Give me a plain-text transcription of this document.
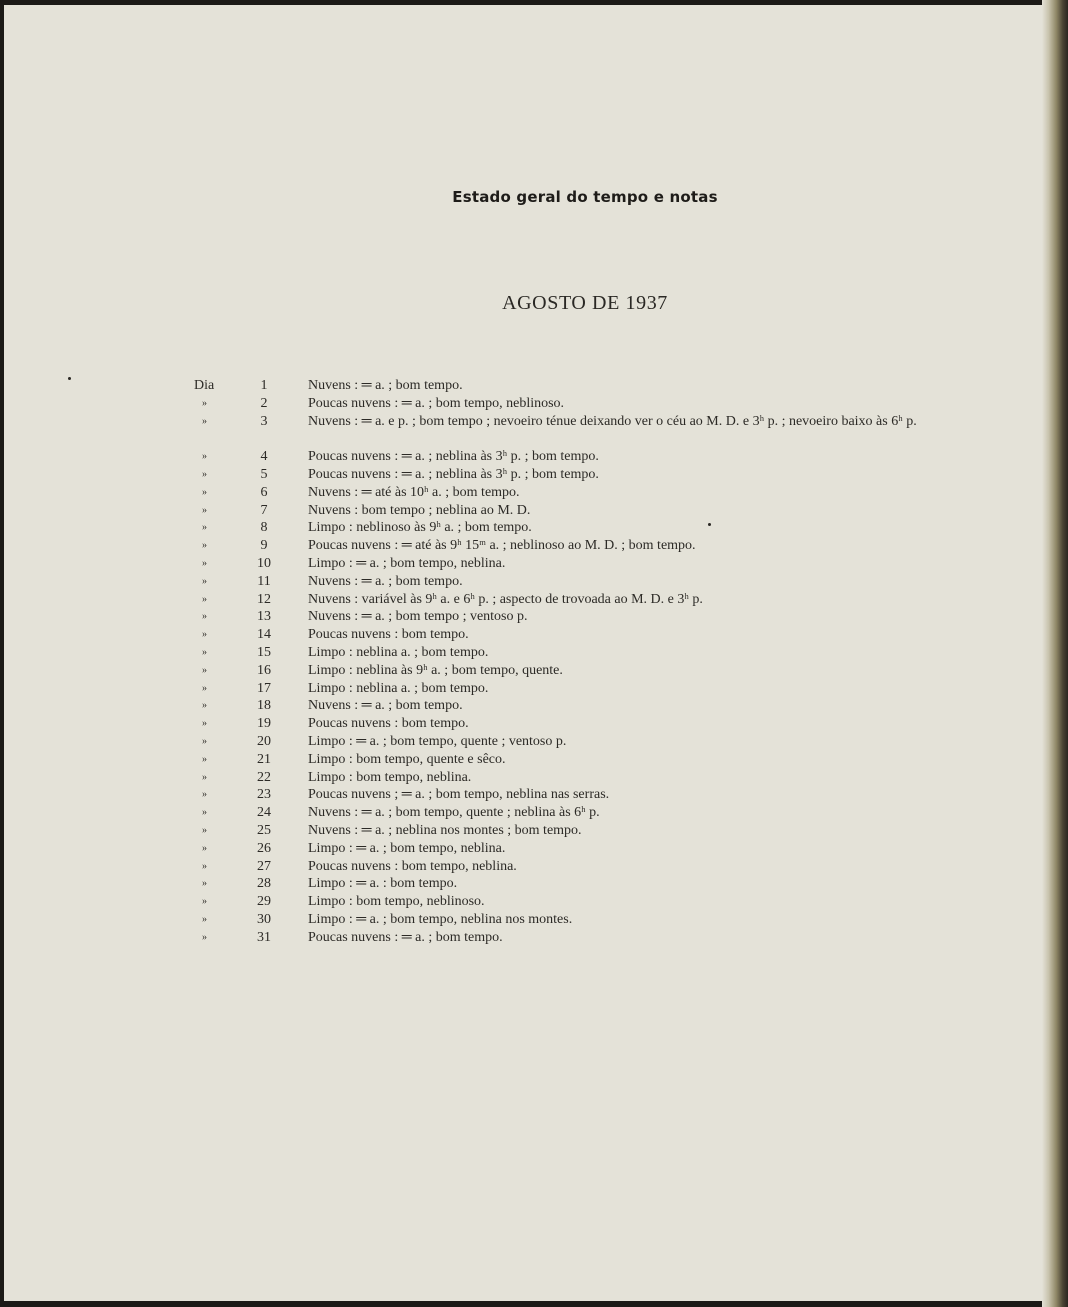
Estado geral do tempo e notas
AGOSTO DE 1937
Dia	1	Nuvens : ═ a. ; bom tempo.
»	2	Poucas nuvens : ═ a. ; bom tempo, neblinoso.
»	3	Nuvens : ═ a. e p. ; bom tempo ; nevoeiro ténue deixando ver o céu ao M. D. e 3ʰ p. ; nevoeiro baixo às 6ʰ p.
»	4	Poucas nuvens : ═ a. ; neblina às 3ʰ p. ; bom tempo.
»	5	Poucas nuvens : ═ a. ; neblina às 3ʰ p. ; bom tempo.
»	6	Nuvens : ═ até às 10ʰ a. ; bom tempo.
»	7	Nuvens : bom tempo ; neblina ao M. D.
»	8	Limpo : neblinoso às 9ʰ a. ; bom tempo.
»	9	Poucas nuvens : ═ até às 9ʰ 15ᵐ a. ; neblinoso ao M. D. ; bom tempo.
»	10	Limpo : ═ a. ; bom tempo, neblina.
»	11	Nuvens : ═ a. ; bom tempo.
»	12	Nuvens : variável às 9ʰ a. e 6ʰ p. ; aspecto de trovoada ao M. D. e 3ʰ p.
»	13	Nuvens : ═ a. ; bom tempo ; ventoso p.
»	14	Poucas nuvens : bom tempo.
»	15	Limpo : neblina a. ; bom tempo.
»	16	Limpo : neblina às 9ʰ a. ; bom tempo, quente.
»	17	Limpo : neblina a. ; bom tempo.
»	18	Nuvens : ═ a. ; bom tempo.
»	19	Poucas nuvens : bom tempo.
»	20	Limpo : ═ a. ; bom tempo, quente ; ventoso p.
»	21	Limpo : bom tempo, quente e sêco.
»	22	Limpo : bom tempo, neblina.
»	23	Poucas nuvens ; ═ a. ; bom tempo, neblina nas serras.
»	24	Nuvens : ═ a. ; bom tempo, quente ; neblina às 6ʰ p.
»	25	Nuvens : ═ a. ; neblina nos montes ; bom tempo.
»	26	Limpo : ═ a. ; bom tempo, neblina.
»	27	Poucas nuvens : bom tempo, neblina.
»	28	Limpo : ═ a. : bom tempo.
»	29	Limpo : bom tempo, neblinoso.
»	30	Limpo : ═ a. ; bom tempo, neblina nos montes.
»	31	Poucas nuvens : ═ a. ; bom tempo.
